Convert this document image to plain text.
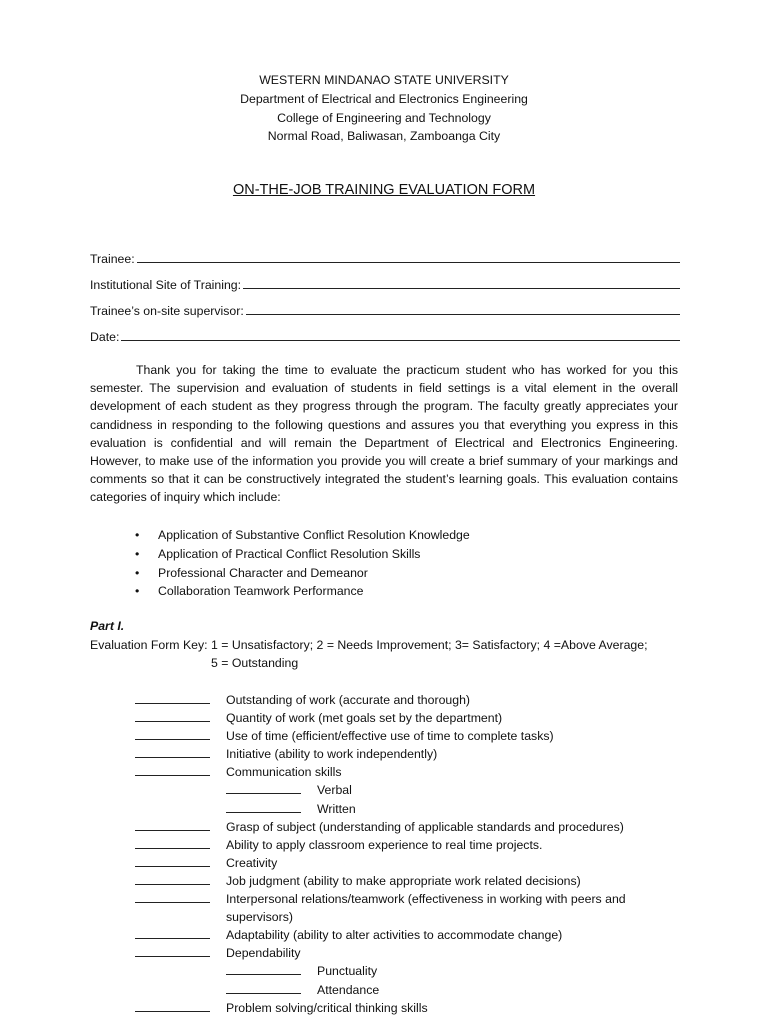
WESTERN MINDANAO STATE UNIVERSITY
Department of Electrical and Electronics Engineering
College of Engineering and Technology
Normal Road, Baliwasan, Zamboanga City
ON-THE-JOB TRAINING EVALUATION FORM
Trainee:
Institutional Site of Training:
Trainee’s on-site supervisor:
Date:
Thank you for taking the time to evaluate the practicum student who has worked for you this semester. The supervision and evaluation of students in field settings is a vital element in the overall development of each student as they progress through the program. The faculty greatly appreciates your candidness in responding to the following questions and assures you that everything you express in this evaluation is confidential and will remain the Department of Electrical and Electronics Engineering. However, to make use of the information you provide you will create a brief summary of your markings and comments so that it can be constructively integrated the student’s learning goals. This evaluation contains categories of inquiry which include:
• Application of Substantive Conflict Resolution Knowledge
• Application of Practical Conflict Resolution Skills
• Professional Character and Demeanor
• Collaboration Teamwork Performance
Part I.
Evaluation Form Key: 1 = Unsatisfactory; 2 = Needs Improvement; 3= Satisfactory; 4 =Above Average;
5 = Outstanding
Outstanding of work (accurate and thorough)
Quantity of work (met goals set by the department)
Use of time (efficient/effective use of time to complete tasks)
Initiative (ability to work independently)
Communication skills
Verbal
Written
Grasp of subject (understanding of applicable standards and procedures)
Ability to apply classroom experience to real time projects.
Creativity
Job judgment (ability to make appropriate work related decisions)
Interpersonal relations/teamwork (effectiveness in working with peers and supervisors)
Adaptability (ability to alter activities to accommodate change)
Dependability
Punctuality
Attendance
Problem solving/critical thinking skills
